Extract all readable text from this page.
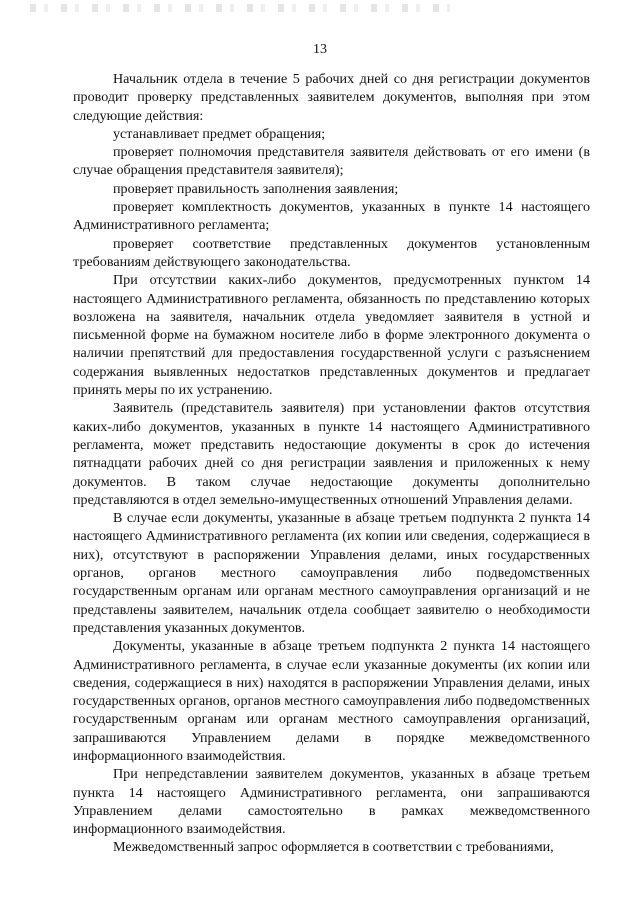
13

Начальник отдела в течение 5 рабочих дней со дня регистрации документов проводит проверку представленных заявителем документов, выполняя при этом следующие действия:

устанавливает предмет обращения;

проверяет полномочия представителя заявителя действовать от его имени (в случае обращения представителя заявителя);

проверяет правильность заполнения заявления;

проверяет комплектность документов, указанных в пункте 14 настоящего Административного регламента;

проверяет соответствие представленных документов установленным требованиям действующего законодательства.

При отсутствии каких-либо документов, предусмотренных пунктом 14 настоящего Административного регламента, обязанность по представлению которых возложена на заявителя, начальник отдела уведомляет заявителя в устной и письменной форме на бумажном носителе либо в форме электронного документа о наличии препятствий для предоставления государственной услуги с разъяснением содержания выявленных недостатков представленных документов и предлагает принять меры по их устранению.

Заявитель (представитель заявителя) при установлении фактов отсутствия каких-либо документов, указанных в пункте 14 настоящего Административного регламента, может представить недостающие документы в срок до истечения пятнадцати рабочих дней со дня регистрации заявления и приложенных к нему документов. В таком случае недостающие документы дополнительно представляются в отдел земельно-имущественных отношений Управления делами.

В случае если документы, указанные в абзаце третьем подпункта 2 пункта 14 настоящего Административного регламента (их копии или сведения, содержащиеся в них), отсутствуют в распоряжении Управления делами, иных государственных органов, органов местного самоуправления либо подведомственных государственным органам или органам местного самоуправления организаций и не представлены заявителем, начальник отдела сообщает заявителю о необходимости представления указанных документов.

Документы, указанные в абзаце третьем подпункта 2 пункта 14 настоящего Административного регламента, в случае если указанные документы (их копии или сведения, содержащиеся в них) находятся в распоряжении Управления делами, иных государственных органов, органов местного самоуправления либо подведомственных государственным органам или органам местного самоуправления организаций, запрашиваются Управлением делами в порядке межведомственного информационного взаимодействия.

При непредставлении заявителем документов, указанных в абзаце третьем пункта 14 настоящего Административного регламента, они запрашиваются Управлением делами самостоятельно в рамках межведомственного информационного взаимодействия.

Межведомственный запрос оформляется в соответствии с требованиями,
